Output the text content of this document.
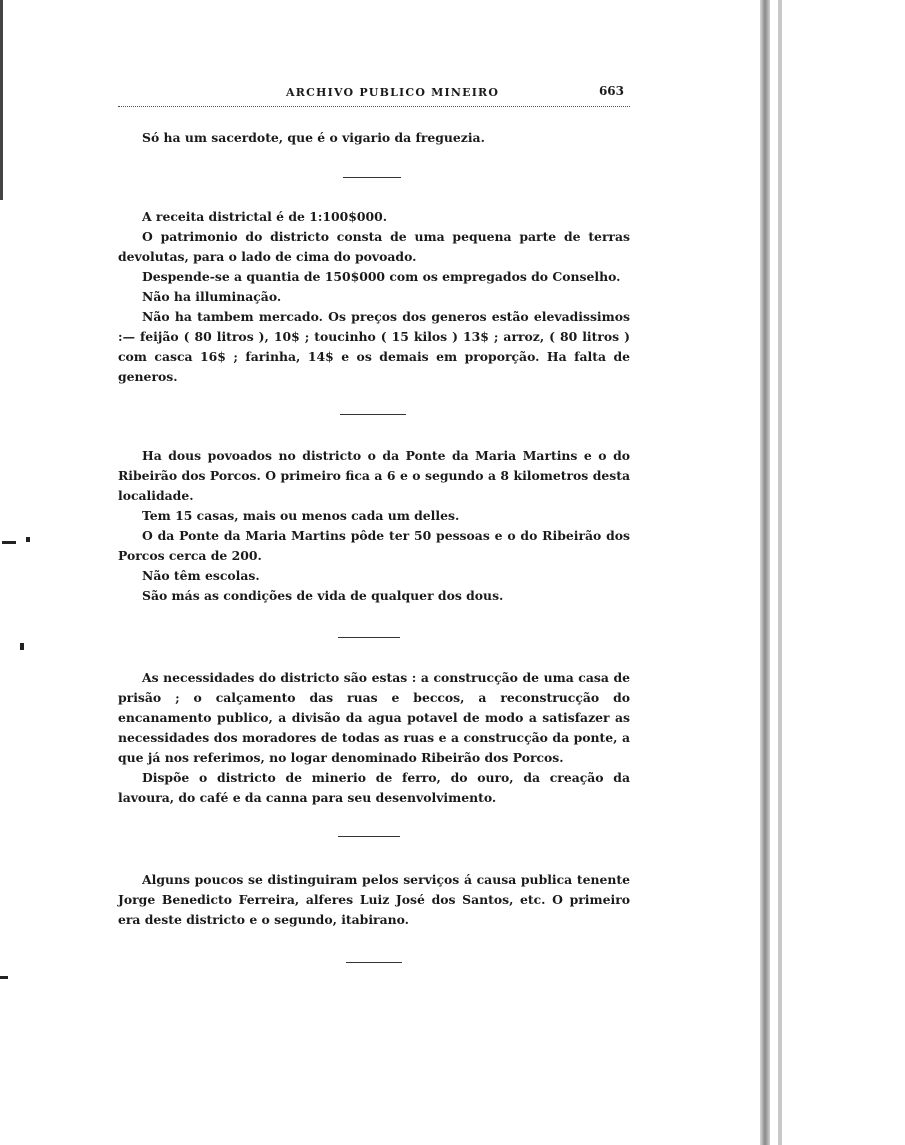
ARCHIVO PUBLICO MINEIRO	663

Só ha um sacerdote, que é o vigario da freguezia.

A receita districtal é de 1:100$000.

O patrimonio do districto consta de uma pequena parte de terras devolutas, para o lado de cima do povoado.

Despende-se a quantia de 150$000 com os empregados do Conselho.

Não ha illuminação.

Não ha tambem mercado. Os preços dos generos estão elevadissimos :— feijão ( 80 litros ), 10$ ; toucinho ( 15 kilos ) 13$ ; arroz, ( 80 litros ) com casca 16$ ; farinha, 14$ e os demais em proporção. Ha falta de generos.

Ha dous povoados no districto o da Ponte da Maria Martins e o do Ribeirão dos Porcos. O primeiro fica a 6 e o segundo a 8 kilometros desta localidade.

Tem 15 casas, mais ou menos cada um delles.

O da Ponte da Maria Martins pôde ter 50 pessoas e o do Ribeirão dos Porcos cerca de 200.

Não têm escolas.

São más as condições de vida de qualquer dos dous.

As necessidades do districto são estas : a construcção de uma casa de prisão ; o calçamento das ruas e beccos, a reconstrucção do encanamento publico, a divisão da agua potavel de modo a satisfazer as necessidades dos moradores de todas as ruas e a construcção da ponte, a que já nos referimos, no logar denominado Ribeirão dos Porcos.

Dispõe o districto de minerio de ferro, do ouro, da creação da lavoura, do café e da canna para seu desenvolvimento.

Alguns poucos se distinguiram pelos serviços á causa publica tenente Jorge Benedicto Ferreira, alferes Luiz José dos Santos, etc. O primeiro era deste districto e o segundo, itabirano.
